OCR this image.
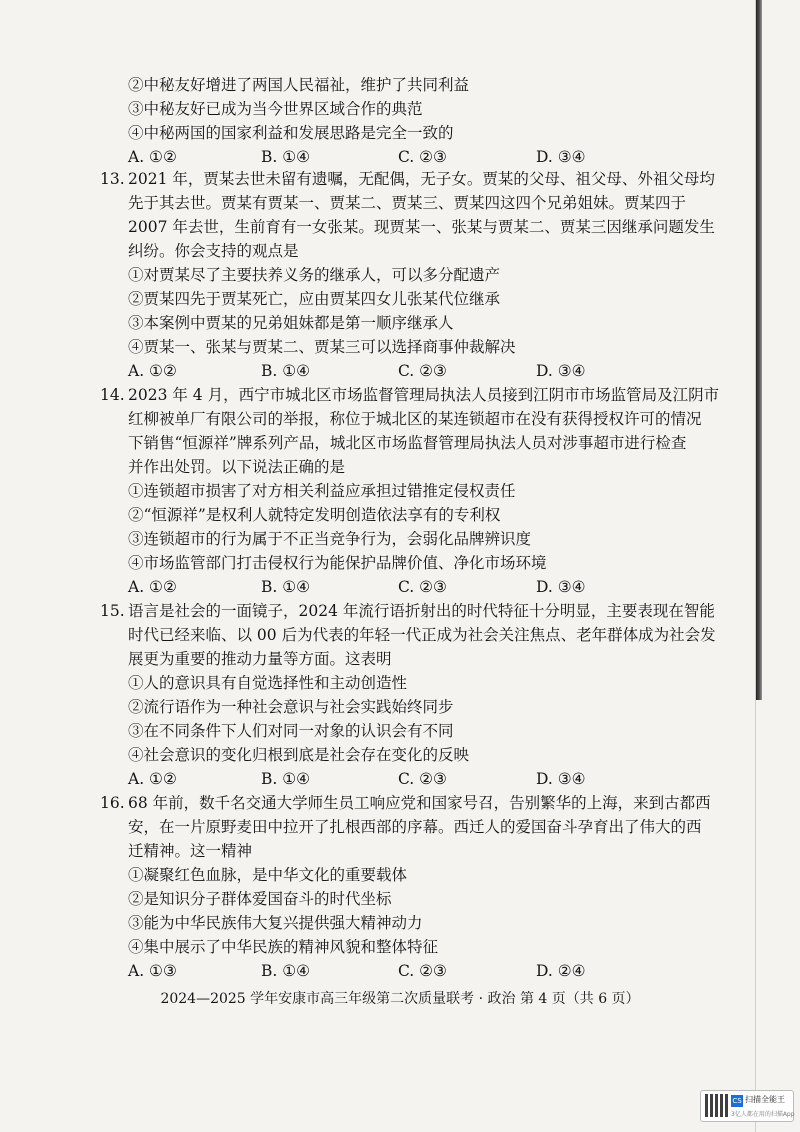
②中秘友好增进了两国人民福祉，维护了共同利益
③中秘友好已成为当今世界区域合作的典范
④中秘两国的国家利益和发展思路是完全一致的
A. ①②	B. ①④	C. ②③	D. ③④
13. 2021 年，贾某去世未留有遗嘱，无配偶，无子女。贾某的父母、祖父母、外祖父母均
先于其去世。贾某有贾某一、贾某二、贾某三、贾某四这四个兄弟姐妹。贾某四于
2007 年去世，生前育有一女张某。现贾某一、张某与贾某二、贾某三因继承问题发生
纠纷。你会支持的观点是
①对贾某尽了主要扶养义务的继承人，可以多分配遗产
②贾某四先于贾某死亡，应由贾某四女儿张某代位继承
③本案例中贾某的兄弟姐妹都是第一顺序继承人
④贾某一、张某与贾某二、贾某三可以选择商事仲裁解决
A. ①②	B. ①④	C. ②③	D. ③④
14. 2023 年 4 月，西宁市城北区市场监督管理局执法人员接到江阴市市场监管局及江阴市
红柳被单厂有限公司的举报，称位于城北区的某连锁超市在没有获得授权许可的情况
下销售“恒源祥”牌系列产品，城北区市场监督管理局执法人员对涉事超市进行检查
并作出处罚。以下说法正确的是
①连锁超市损害了对方相关利益应承担过错推定侵权责任
②“恒源祥”是权利人就特定发明创造依法享有的专利权
③连锁超市的行为属于不正当竞争行为，会弱化品牌辨识度
④市场监管部门打击侵权行为能保护品牌价值、净化市场环境
A. ①②	B. ①④	C. ②③	D. ③④
15. 语言是社会的一面镜子，2024 年流行语折射出的时代特征十分明显，主要表现在智能
时代已经来临、以 00 后为代表的年轻一代正成为社会关注焦点、老年群体成为社会发
展更为重要的推动力量等方面。这表明
①人的意识具有自觉选择性和主动创造性
②流行语作为一种社会意识与社会实践始终同步
③在不同条件下人们对同一对象的认识会有不同
④社会意识的变化归根到底是社会存在变化的反映
A. ①②	B. ①④	C. ②③	D. ③④
16. 68 年前，数千名交通大学师生员工响应党和国家号召，告别繁华的上海，来到古都西
安，在一片原野麦田中拉开了扎根西部的序幕。西迁人的爱国奋斗孕育出了伟大的西
迁精神。这一精神
①凝聚红色血脉，是中华文化的重要载体
②是知识分子群体爱国奋斗的时代坐标
③能为中华民族伟大复兴提供强大精神动力
④集中展示了中华民族的精神风貌和整体特征
A. ①③	B. ①④	C. ②③	D. ②④
2024—2025 学年安康市高三年级第二次质量联考 · 政治 第 4 页（共 6 页）
CS 扫描全能王
3亿人都在用的扫描App
